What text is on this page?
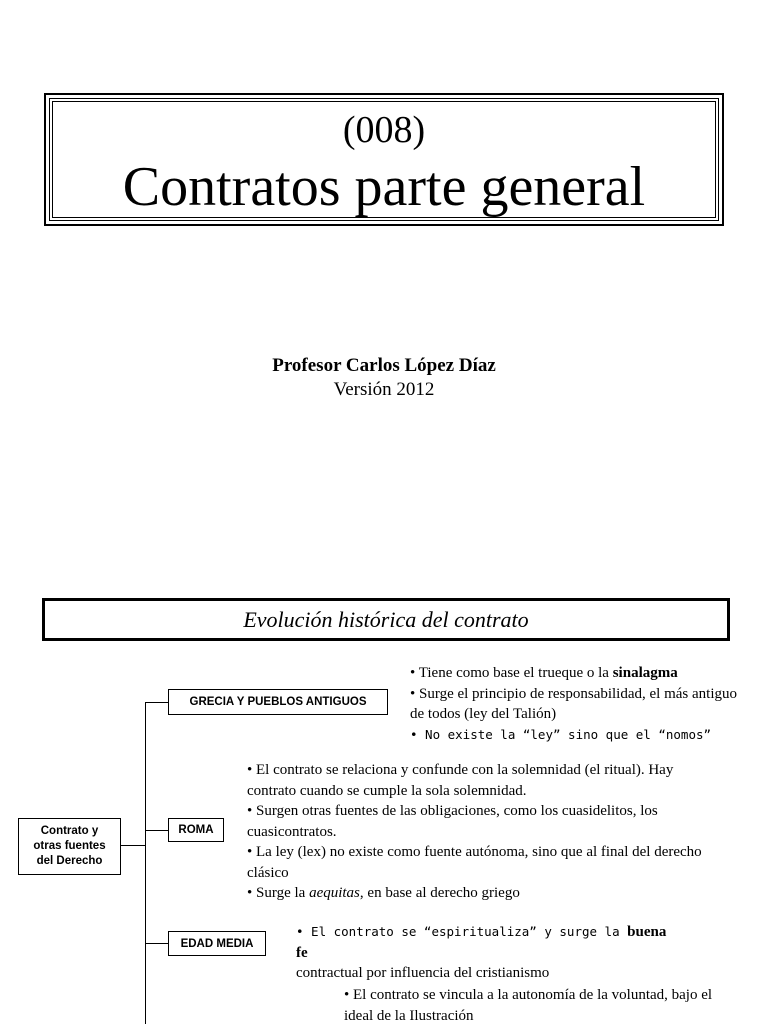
(008)
Contratos parte general
Profesor Carlos López Díaz
Versión 2012
Evolución histórica del contrato
Contrato y
otras fuentes
del Derecho
GRECIA Y PUEBLOS ANTIGUOS
ROMA
EDAD MEDIA
• Tiene como base el trueque o la sinalagma
• Surge el principio de responsabilidad, el más antiguo de todos (ley del Talión)
• No existe la “ley” sino que el “nomos”
• El contrato se relaciona y confunde con la solemnidad (el ritual). Hay contrato cuando se cumple la sola solemnidad.
• Surgen otras fuentes de las obligaciones, como los cuasidelitos, los cuasicontratos.
• La ley (lex) no existe como fuente autónoma, sino que al final del derecho clásico
• Surge la aequitas, en base al derecho griego
• El contrato se “espiritualiza” y surge la buena fe
contractual por influencia del cristianismo
• El contrato se vincula a la autonomía de la voluntad, bajo el ideal de la Ilustración
